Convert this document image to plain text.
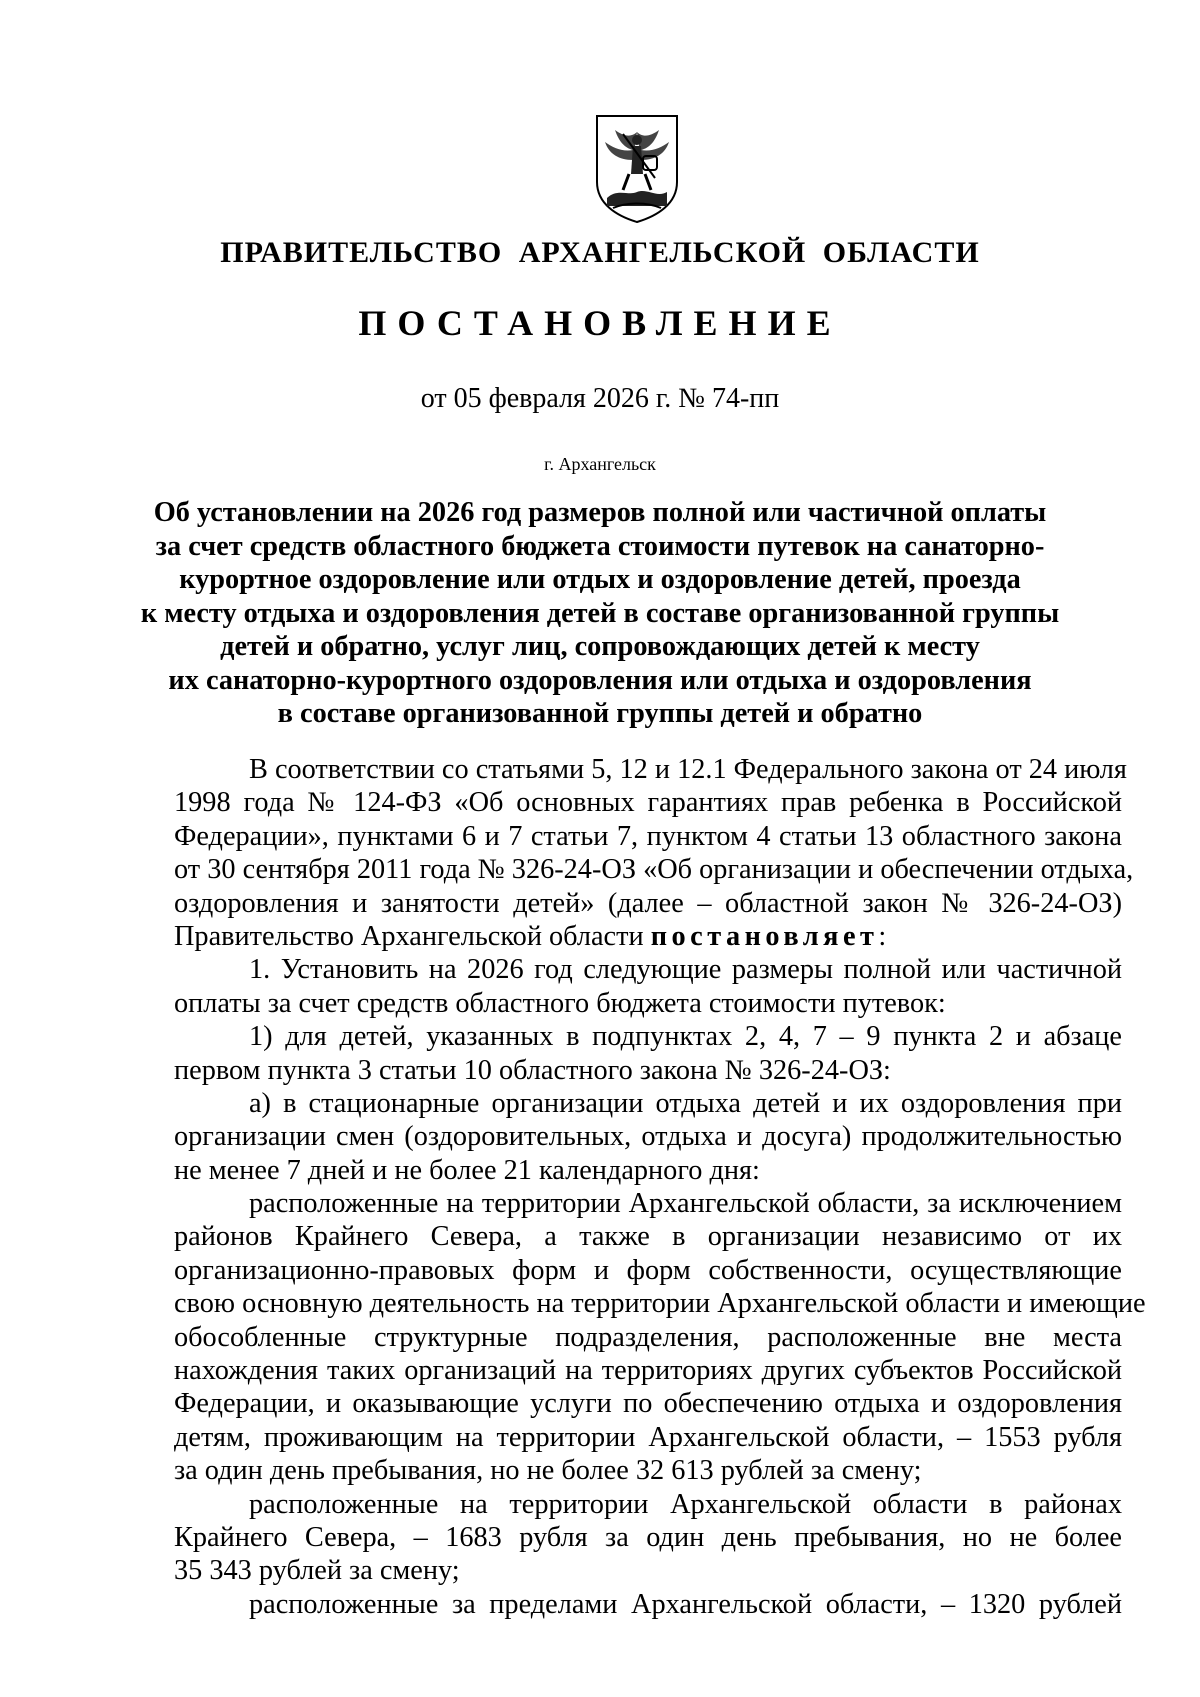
ПРАВИТЕЛЬСТВО АРХАНГЕЛЬСКОЙ ОБЛАСТИ
ПОСТАНОВЛЕНИЕ
от 05 февраля 2026 г. № 74-пп
г. Архангельск
Об установлении на 2026 год размеров полной или частичной оплаты
за счет средств областного бюджета стоимости путевок на санаторно-
курортное оздоровление или отдых и оздоровление детей, проезда
к месту отдыха и оздоровления детей в составе организованной группы
детей и обратно, услуг лиц, сопровождающих детей к месту
их санаторно-курортного оздоровления или отдыха и оздоровления
в составе организованной группы детей и обратно
В соответствии со статьями 5, 12 и 12.1 Федерального закона от 24 июля
1998 года № 124-ФЗ «Об основных гарантиях прав ребенка в Российской
Федерации», пунктами 6 и 7 статьи 7, пунктом 4 статьи 13 областного закона
от 30 сентября 2011 года № 326-24-ОЗ «Об организации и обеспечении отдыха,
оздоровления и занятости детей» (далее – областной закон № 326-24-ОЗ)
Правительство Архангельской области постановляет:
1. Установить на 2026 год следующие размеры полной или частичной
оплаты за счет средств областного бюджета стоимости путевок:
1) для детей, указанных в подпунктах 2, 4, 7 – 9 пункта 2 и абзаце
первом пункта 3 статьи 10 областного закона № 326-24-ОЗ:
а) в стационарные организации отдыха детей и их оздоровления при
организации смен (оздоровительных, отдыха и досуга) продолжительностью
не менее 7 дней и не более 21 календарного дня:
расположенные на территории Архангельской области, за исключением
районов Крайнего Севера, а также в организации независимо от их
организационно-правовых форм и форм собственности, осуществляющие
свою основную деятельность на территории Архангельской области и имеющие
обособленные структурные подразделения, расположенные вне места
нахождения таких организаций на территориях других субъектов Российской
Федерации, и оказывающие услуги по обеспечению отдыха и оздоровления
детям, проживающим на территории Архангельской области, – 1553 рубля
за один день пребывания, но не более 32 613 рублей за смену;
расположенные на территории Архангельской области в районах
Крайнего Севера, – 1683 рубля за один день пребывания, но не более
35 343 рублей за смену;
расположенные за пределами Архангельской области, – 1320 рублей
